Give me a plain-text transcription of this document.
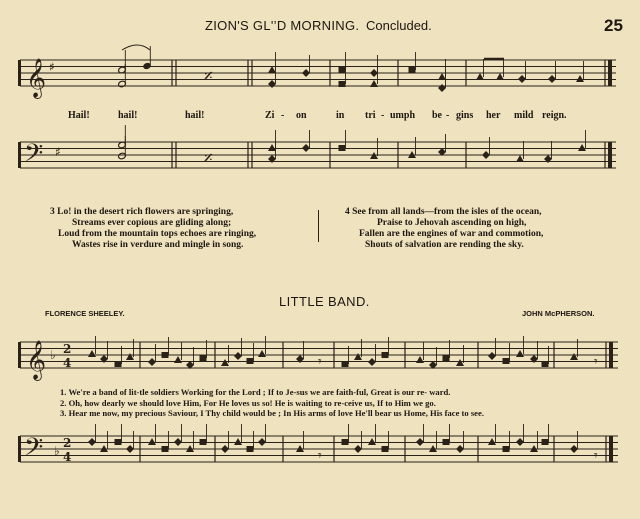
ZION'S GL'’D MORNING. Concluded.	25
𝄞 ♯	𝄎
Hail!	hail!	hail!	Zi - on	in tri - umph be - gins her mild reign.
𝄢 ♯	𝄎
3 Lo! in the desert rich flowers are springing,
Streams ever copious are gliding along;
Loud from the mountain tops echoes are ringing,
Wastes rise in verdure and mingle in song.
4 See from all lands—from the isles of the ocean,
Praise to Jehovah ascending on high,
Fallen are the engines of war and commotion,
Shouts of salvation are rending the sky.
LITTLE BAND.
FLORENCE SHEELEY.	JOHN McPHERSON.
𝄞 ♭ 2
4	𝄾	𝄾
1. We're a band of lit-tle soldiers Working for the Lord ; If to Je-sus we are faith-ful, Great is our re- ward.
2. Oh, how dearly we should love Him, For He loves us so! He is waiting to re-ceive us, If to Him we go.
3. Hear me now, my precious Saviour, I Thy child would be ; In His arms of love He'll bear us Home, His face to see.
𝄢 ♭
2
4	𝄾	𝄾
